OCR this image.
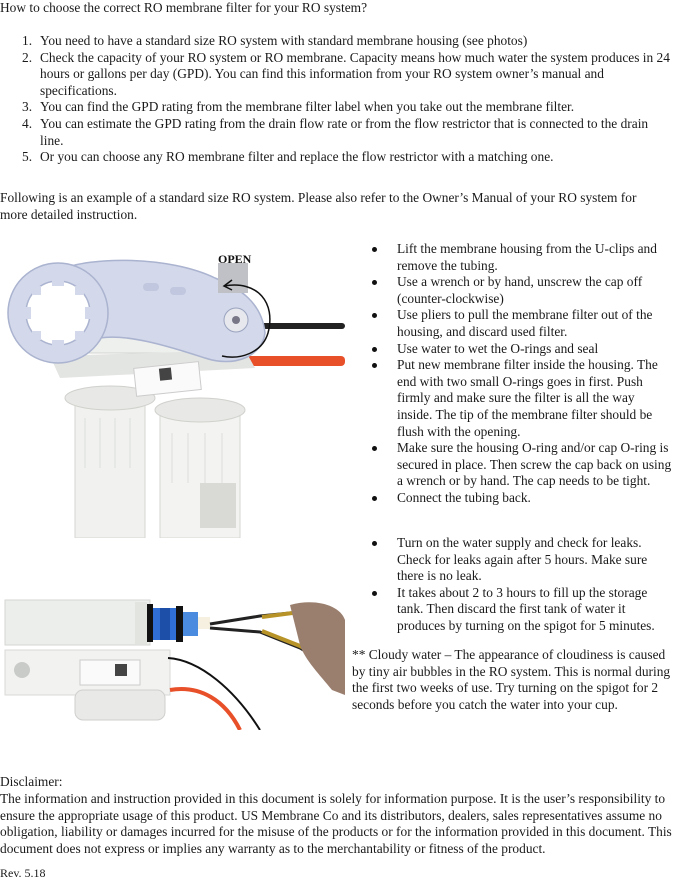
How to choose the correct RO membrane filter for your RO system?
1. You need to have a standard size RO system with standard membrane housing (see photos)
2. Check the capacity of your RO system or RO membrane. Capacity means how much water the system produces in 24 hours or gallons per day (GPD). You can find this information from your RO system owner’s manual and specifications.
3. You can find the GPD rating from the membrane filter label when you take out the membrane filter.
4. You can estimate the GPD rating from the drain flow rate or from the flow restrictor that is connected to the drain line.
5. Or you can choose any RO membrane filter and replace the flow restrictor with a matching one.
Following is an example of a standard size RO system. Please also refer to the Owner’s Manual of your RO system for more detailed instruction.
OPEN
Lift the membrane housing from the U-clips and remove the tubing.
Use a wrench or by hand, unscrew the cap off (counter-clockwise)
Use pliers to pull the membrane filter out of the housing, and discard used filter.
Use water to wet the O-rings and seal
Put new membrane filter inside the housing. The end with two small O-rings goes in first. Push firmly and make sure the filter is all the way inside. The tip of the membrane filter should be flush with the opening.
Make sure the housing O-ring and/or cap O-ring is secured in place. Then screw the cap back on using a wrench or by hand. The cap needs to be tight.
Connect the tubing back.
Turn on the water supply and check for leaks. Check for leaks again after 5 hours. Make sure there is no leak.
It takes about 2 to 3 hours to fill up the storage tank. Then discard the first tank of water it produces by turning on the spigot for 5 minutes.
** Cloudy water – The appearance of cloudiness is caused by tiny air bubbles in the RO system. This is normal during the first two weeks of use. Try turning on the spigot for 2 seconds before you catch the water into your cup.
Disclaimer:
The information and instruction provided in this document is solely for information purpose. It is the user’s responsibility to ensure the appropriate usage of this product. US Membrane Co and its distributors, dealers, sales representatives assume no obligation, liability or damages incurred for the misuse of the products or for the information provided in this document. This document does not express or implies any warranty as to the merchantability or fitness of the product.
Rev. 5.18
